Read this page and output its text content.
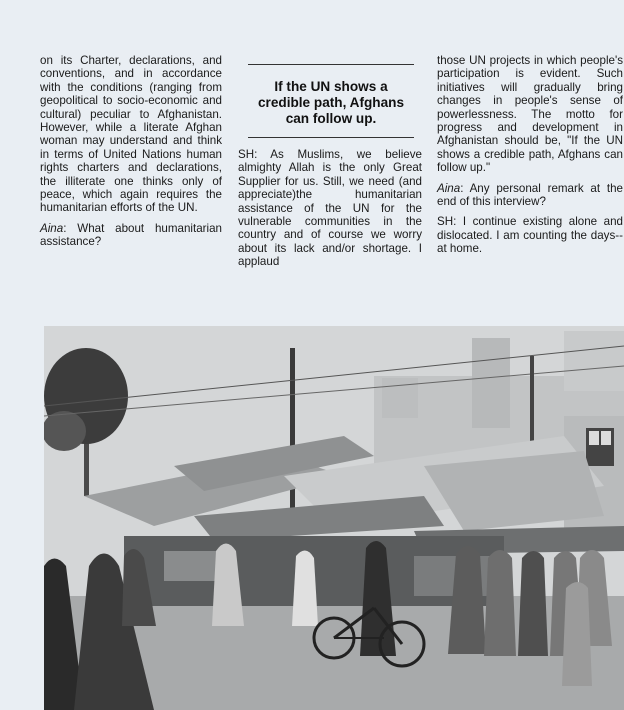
on its Charter, declarations, and conventions, and in accordance with the conditions (ranging from geopolitical to socio-economic and cultural) peculiar to Afghanistan. However, while a literate Afghan woman may understand and think in terms of United Nations human rights charters and declarations, the illiterate one thinks only of peace, which again requires the humanitarian efforts of the UN.

Aina: What about humanitarian assistance?

If the UN shows a credible path, Afghans can follow up.

SH: As Muslims, we believe almighty Allah is the only Great Supplier for us. Still, we need (and appreciate)the humanitarian assistance of the UN for the vulnerable communities in the country and of course we worry about its lack and/or shortage. I applaud

those UN projects in which people's participation is evident. Such initiatives will gradually bring changes in people's sense of powerlessness. The motto for progress and development in Afghanistan should be, "If the UN shows a credible path, Afghans can follow up."

Aina: Any personal remark at the end of this interview?

SH: I continue existing alone and dislocated. I am counting the days--at home.
